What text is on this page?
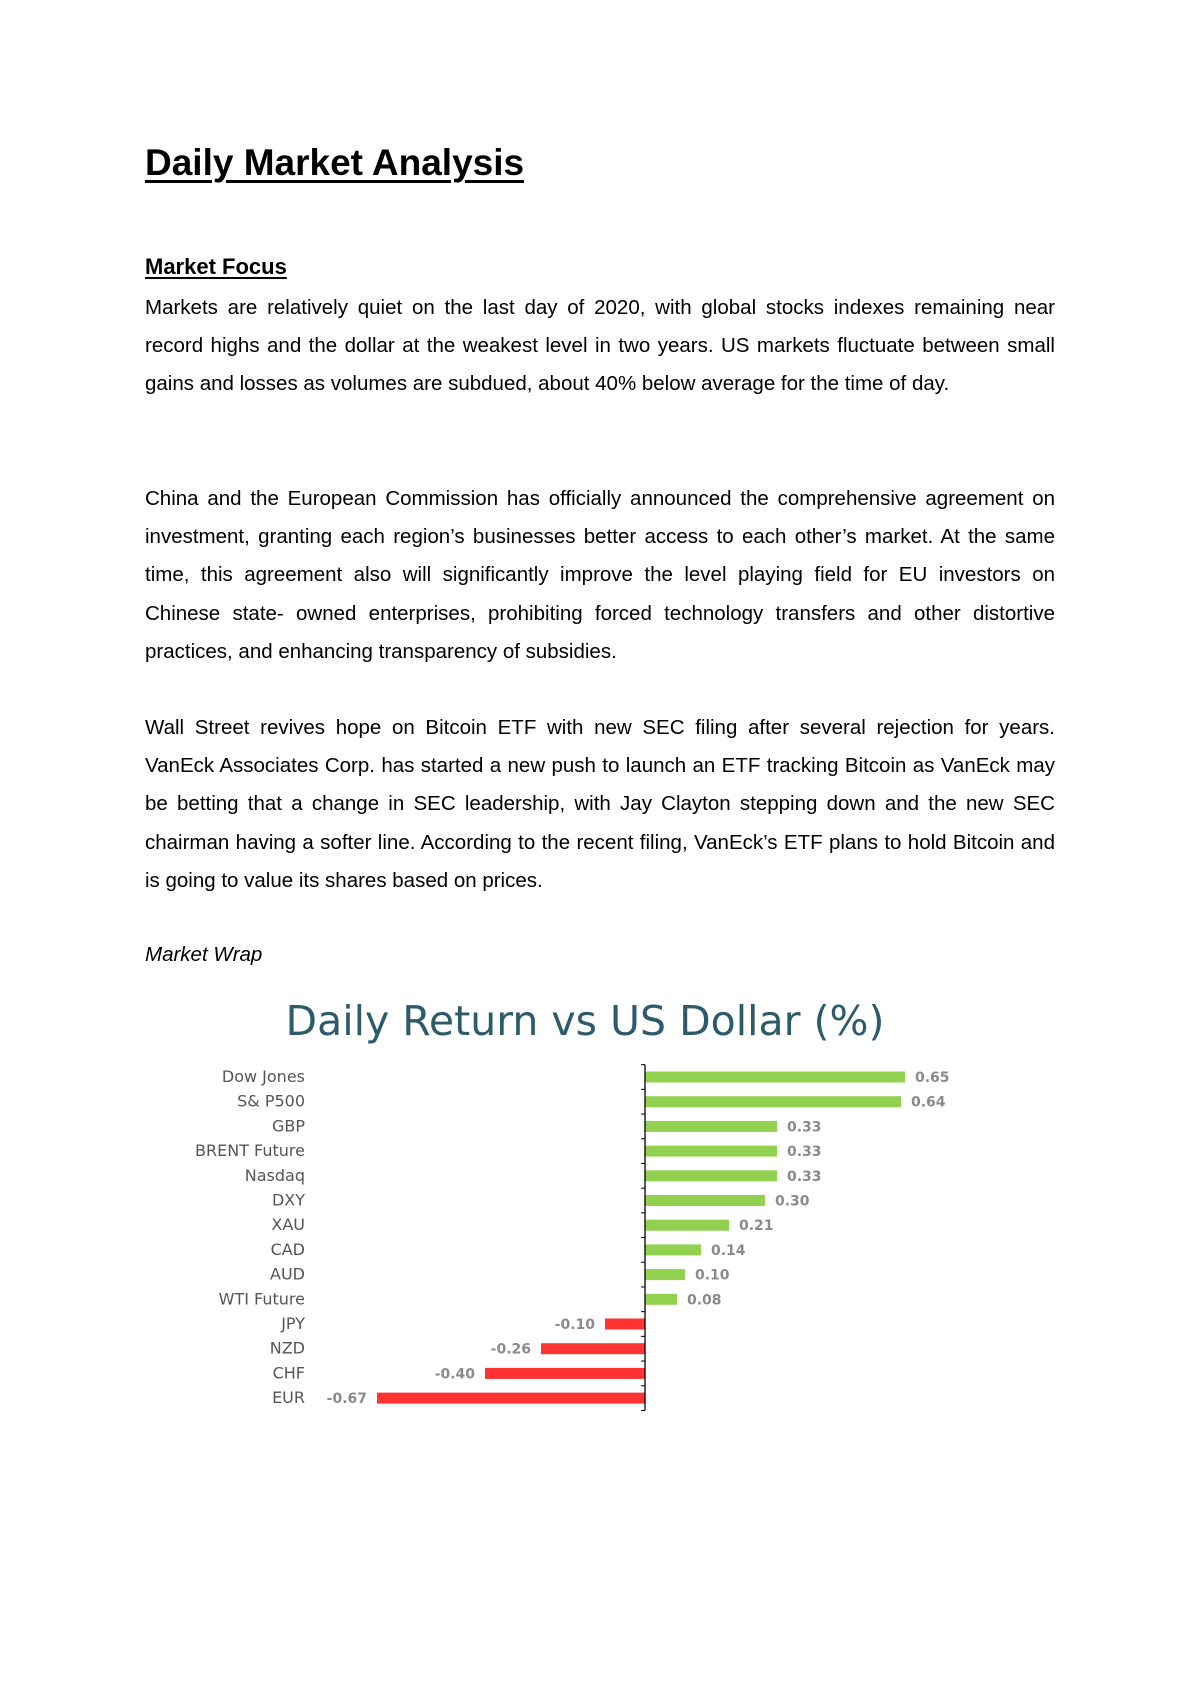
Daily Market Analysis
Market Focus

Markets are relatively quiet on the last day of 2020, with global stocks indexes remaining near record highs and the dollar at the weakest level in two years. US markets fluctuate between small gains and losses as volumes are subdued, about 40% below average for the time of day.

China and the European Commission has officially announced the comprehensive agreement on investment, granting each region’s businesses better access to each other’s market. At the same time, this agreement also will significantly improve the level playing field for EU investors on Chinese state- owned enterprises, prohibiting forced technology transfers and other distortive practices, and enhancing transparency of subsidies.

Wall Street revives hope on Bitcoin ETF with new SEC filing after several rejection for years. VanEck Associates Corp. has started a new push to launch an ETF tracking Bitcoin as VanEck may be betting that a change in SEC leadership, with Jay Clayton stepping down and the new SEC chairman having a softer line. According to the recent filing, VanEck’s ETF plans to hold Bitcoin and is going to value its shares based on prices.

Market Wrap

Daily Return vs US Dollar (%)
Dow Jones	0.65
S& P500	0.64
GBP	0.33
BRENT Future	0.33
Nasdaq	0.33
DXY	0.30
XAU	0.21
CAD	0.14
AUD	0.10
WTI Future	0.08
JPY	-0.10
NZD	-0.26
CHF	-0.40
EUR -0.67
